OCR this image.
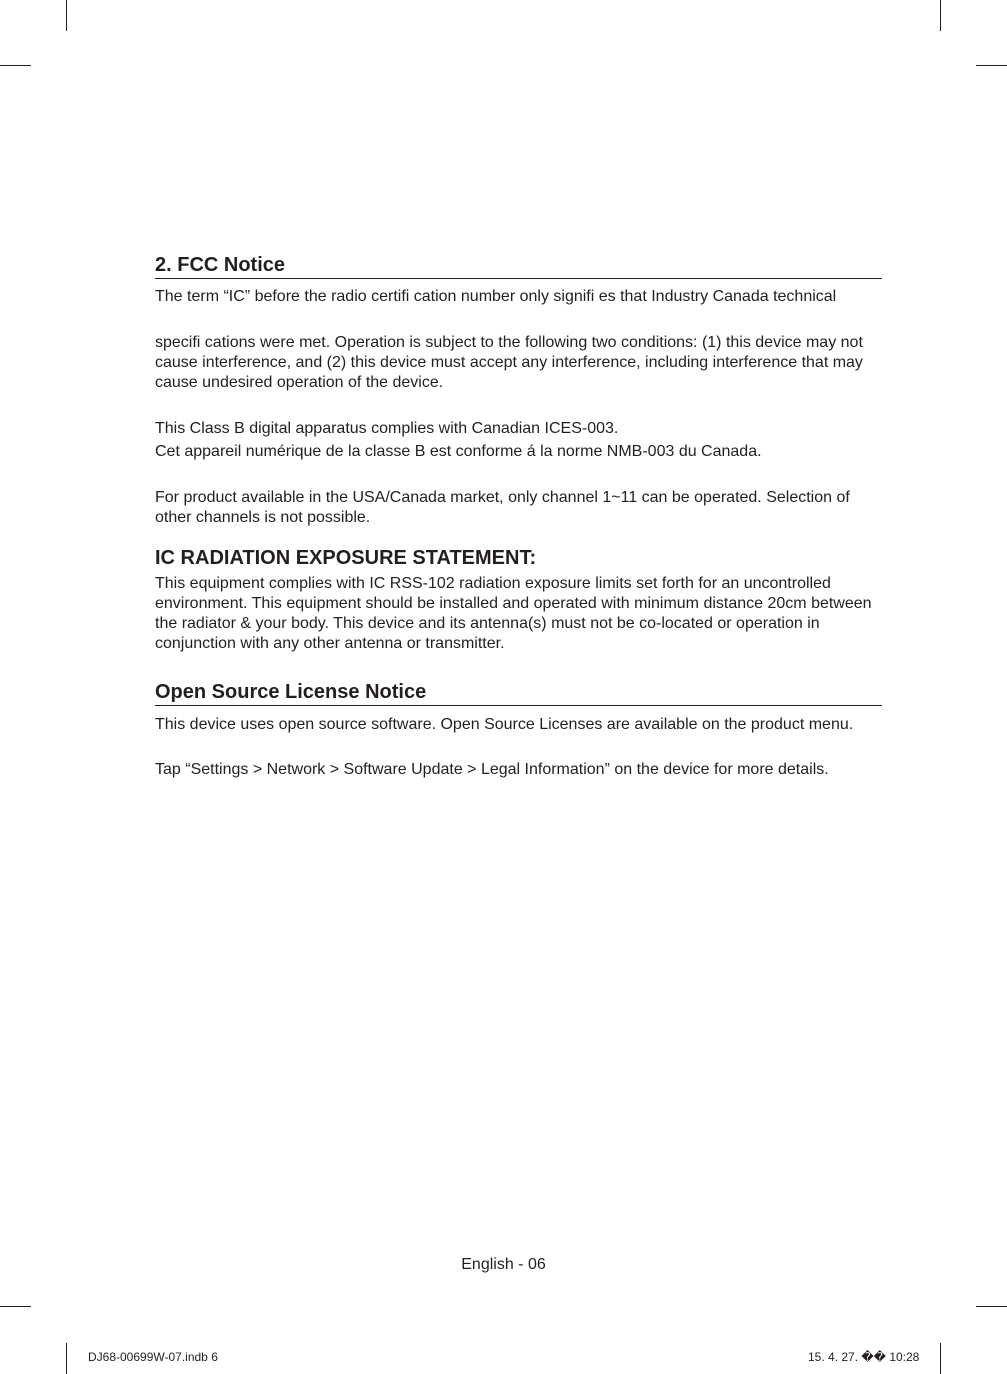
2. FCC Notice

The term “IC” before the radio certifi cation number only signifi es that Industry Canada technical

specifi cations were met. Operation is subject to the following two conditions: (1) this device may not cause interference, and (2) this device must accept any interference, including interference that may cause undesired operation of the device.

This Class B digital apparatus complies with Canadian ICES-003.

Cet appareil numérique de la classe B est conforme á la norme NMB-003 du Canada.

For product available in the USA/Canada market, only channel 1~11 can be operated. Selection of other channels is not possible.

IC RADIATION EXPOSURE STATEMENT:

This equipment complies with IC RSS-102 radiation exposure limits set forth for an uncontrolled environment. This equipment should be installed and operated with minimum distance 20cm between the radiator & your body. This device and its antenna(s) must not be co-located or operation in conjunction with any other antenna or transmitter.

Open Source License Notice

This device uses open source software. Open Source Licenses are available on the product menu.

Tap “Settings > Network > Software Update > Legal Information” on the device for more details.

English - 06
DJ68-00699W-07.indb 6	15. 4. 27. �� 10:28
